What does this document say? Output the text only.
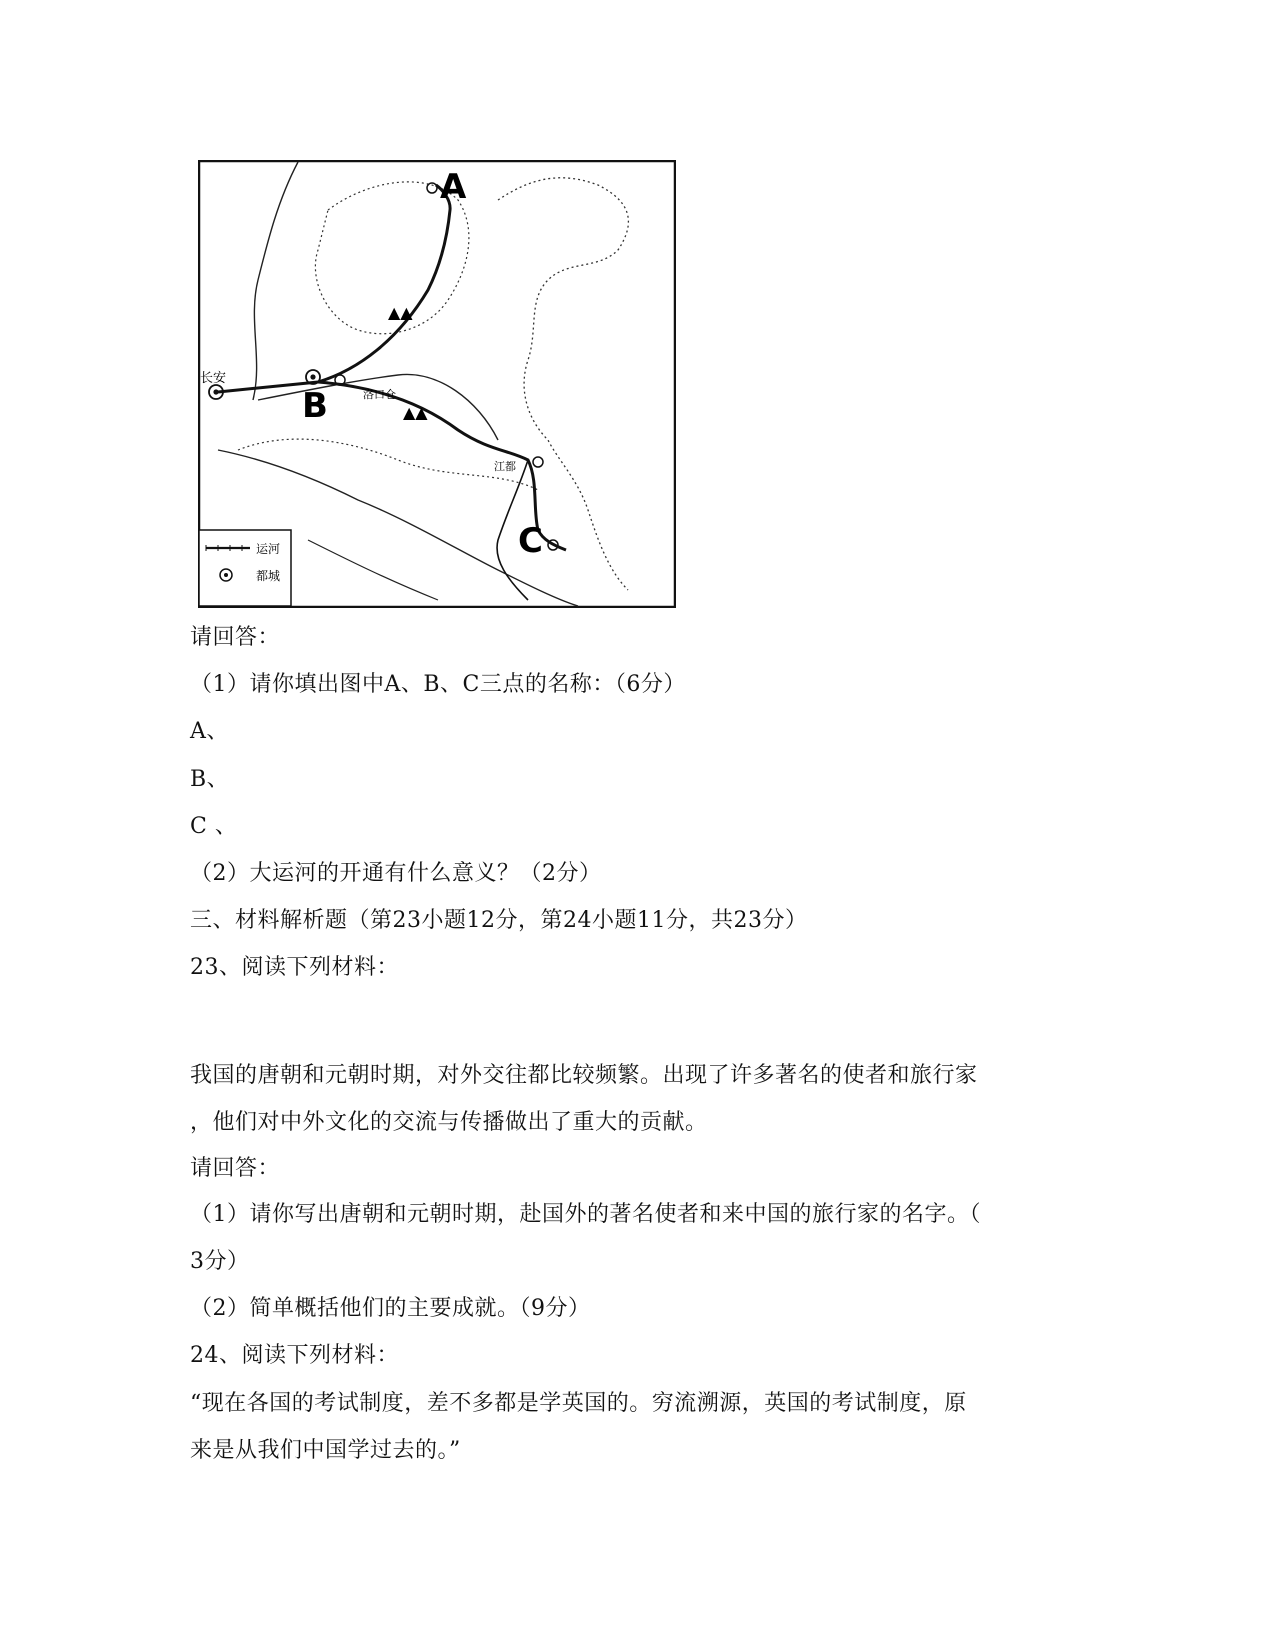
▲▲
▲▲
A
B
C
长安
洛口仓
江都
运河
都城
请回答：
（1）请你填出图中A、B、C三点的名称：（6分）
A、
B、
C 、
（2）大运河的开通有什么意义？（2分）
三、材料解析题（第23小题12分，第24小题11分，共23分）
23、阅读下列材料：
我国的唐朝和元朝时期，对外交往都比较频繁。出现了许多著名的使者和旅行家
，他们对中外文化的交流与传播做出了重大的贡献。
请回答：
（1）请你写出唐朝和元朝时期，赴国外的著名使者和来中国的旅行家的名字。（
3分）
（2）简单概括他们的主要成就。（9分）
24、阅读下列材料：
“现在各国的考试制度，差不多都是学英国的。穷流溯源，英国的考试制度，原
来是从我们中国学过去的。”
